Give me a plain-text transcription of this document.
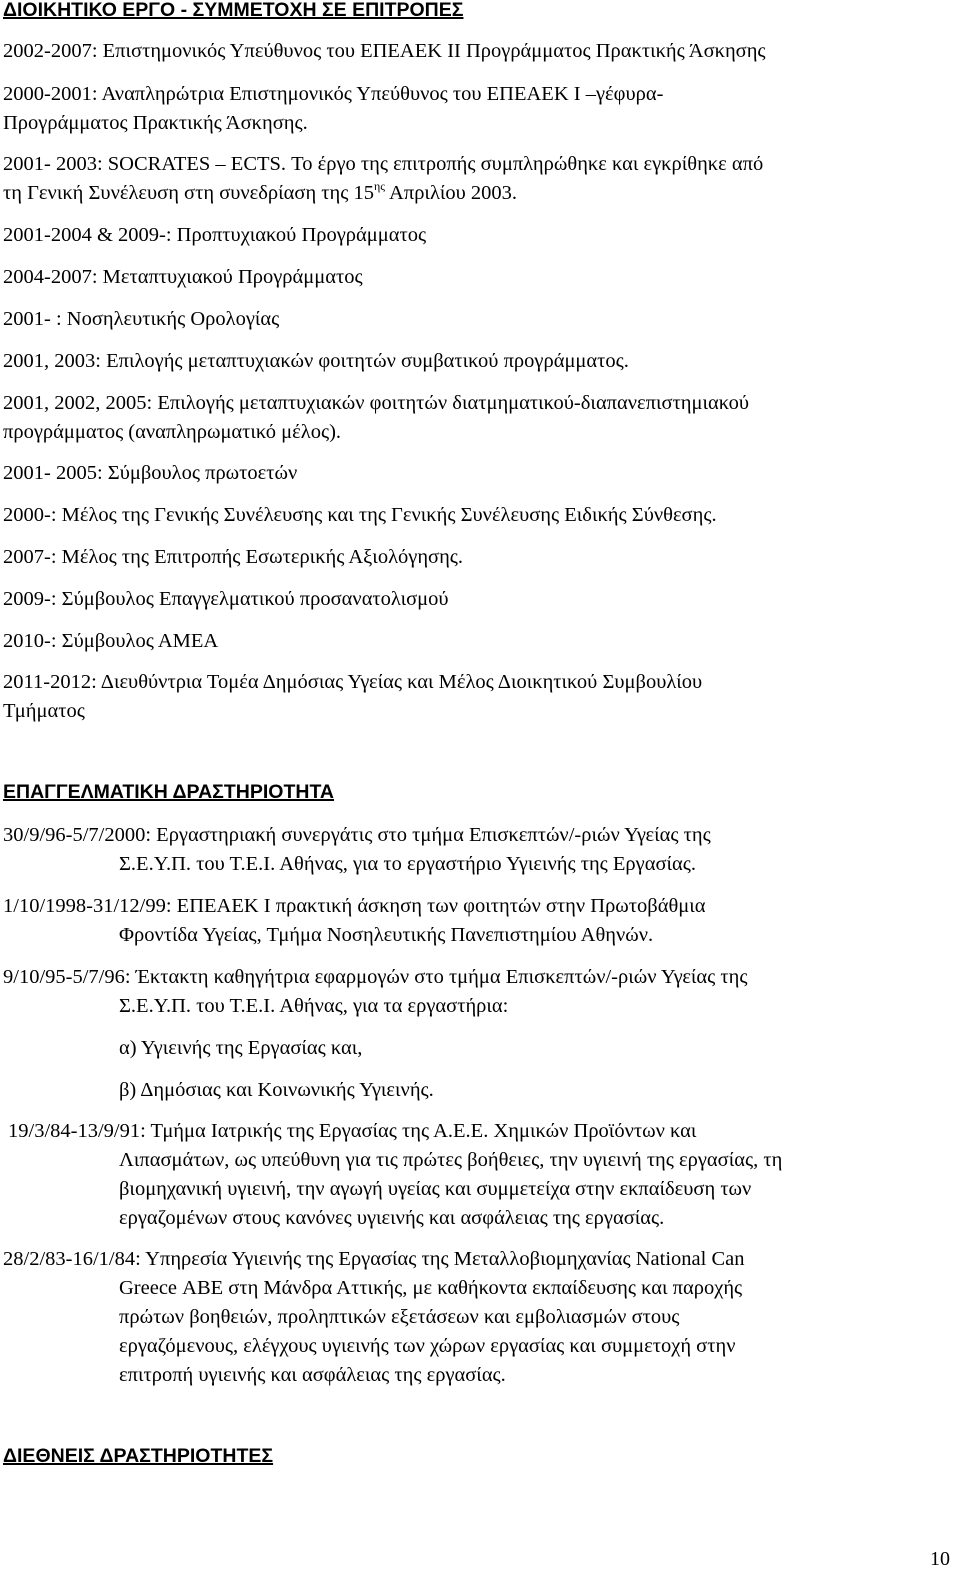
ΔΙΟΙΚΗΤΙΚΟ ΕΡΓΟ - ΣΥΜΜΕΤΟΧΗ ΣΕ ΕΠΙΤΡΟΠΕΣ

2002-2007: Επιστημονικός Υπεύθυνος του ΕΠΕΑΕΚ ΙΙ Προγράμματος Πρακτικής Άσκησης

2000-2001: Αναπληρώτρια Επιστημονικός Υπεύθυνος του ΕΠΕΑΕΚ Ι –γέφυρα-

Προγράμματος Πρακτικής Άσκησης.

2001- 2003: SOCRATES – ECTS. Το έργο της επιτροπής συμπληρώθηκε και εγκρίθηκε από

τη Γενική Συνέλευση στη συνεδρίαση της $15^{\eta\varsigma}$ Απριλίου 2003.

2001-2004 & 2009-: Προπτυχιακού Προγράμματος

2004-2007: Μεταπτυχιακού Προγράμματος

2001- : Νοσηλευτικής Ορολογίας

2001, 2003: Επιλογής μεταπτυχιακών φοιτητών συμβατικού προγράμματος.

2001, 2002, 2005: Επιλογής μεταπτυχιακών φοιτητών διατμηματικού-διαπανεπιστημιακού

προγράμματος (αναπληρωματικό μέλος).

2001- 2005: Σύμβουλος πρωτοετών

2000-: Μέλος της Γενικής Συνέλευσης και της Γενικής Συνέλευσης Ειδικής Σύνθεσης.

2007-: Μέλος της Επιτροπής Εσωτερικής Αξιολόγησης.

2009-: Σύμβουλος Επαγγελματικού προσανατολισμού

2010-: Σύμβουλος ΑΜΕΑ

2011-2012: Διευθύντρια Τομέα Δημόσιας Υγείας και Μέλος Διοικητικού Συμβουλίου

Τμήματος

ΕΠΑΓΓΕΛΜΑΤΙΚΗ ΔΡΑΣΤΗΡΙΟΤΗΤΑ

30/9/96-5/7/2000: Εργαστηριακή συνεργάτις στο τμήμα Επισκεπτών/-ριών Υγείας της

Σ.Ε.Υ.Π. του Τ.Ε.Ι. Αθήνας, για το εργαστήριο Υγιεινής της Εργασίας.

1/10/1998-31/12/99: ΕΠΕΑΕΚ Ι πρακτική άσκηση των φοιτητών στην Πρωτοβάθμια

Φροντίδα Υγείας, Τμήμα Νοσηλευτικής Πανεπιστημίου Αθηνών.

9/10/95-5/7/96: Έκτακτη καθηγήτρια εφαρμογών στο τμήμα Επισκεπτών/-ριών Υγείας της

Σ.Ε.Υ.Π. του Τ.Ε.Ι. Αθήνας, για τα εργαστήρια:

α) Υγιεινής της Εργασίας και,

β) Δημόσιας και Κοινωνικής Υγιεινής.

19/3/84-13/9/91: Τμήμα Ιατρικής της Εργασίας της Α.Ε.Ε. Χημικών Προϊόντων και

Λιπασμάτων, ως υπεύθυνη για τις πρώτες βοήθειες, την υγιεινή της εργασίας, τη

βιομηχανική υγιεινή, την αγωγή υγείας και συμμετείχα στην εκπαίδευση των

εργαζομένων στους κανόνες υγιεινής και ασφάλειας της εργασίας.

28/2/83-16/1/84: Υπηρεσία Υγιεινής της Εργασίας της Μεταλλοβιομηχανίας National Can

Greece ΑΒΕ στη Μάνδρα Αττικής, με καθήκοντα εκπαίδευσης και παροχής

πρώτων βοηθειών, προληπτικών εξετάσεων και εμβολιασμών στους

εργαζόμενους, ελέγχους υγιεινής των χώρων εργασίας και συμμετοχή στην

επιτροπή υγιεινής και ασφάλειας της εργασίας.

ΔΙΕΘΝΕΙΣ ΔΡΑΣΤΗΡΙΟΤΗΤΕΣ

10
